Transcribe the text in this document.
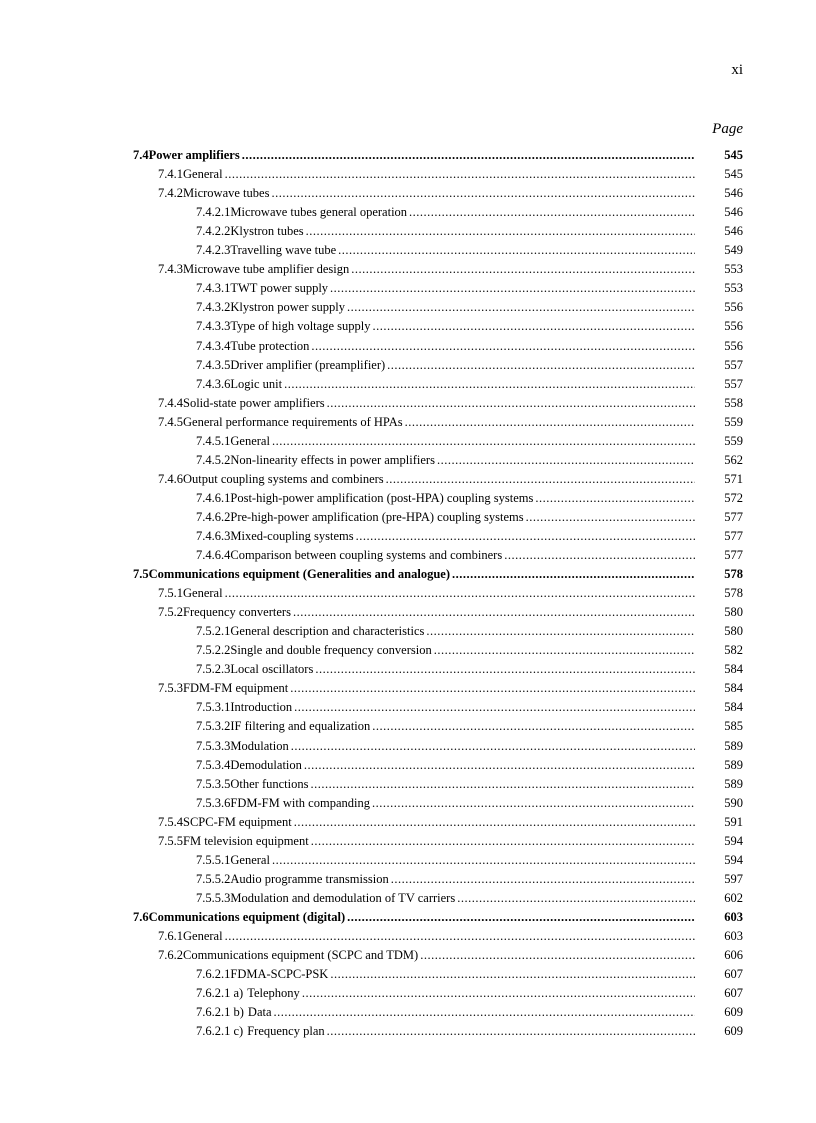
xi
Page
7.4 Power amplifiers .....	545
7.4.1 General .....	545
7.4.2 Microwave tubes .....	546
7.4.2.1 Microwave tubes general operation .....	546
7.4.2.2 Klystron tubes .....	546
7.4.2.3 Travelling wave tube .....	549
7.4.3 Microwave tube amplifier design .....	553
7.4.3.1 TWT power supply .....	553
7.4.3.2 Klystron power supply .....	556
7.4.3.3 Type of high voltage supply .....	556
7.4.3.4 Tube protection .....	556
7.4.3.5 Driver amplifier (preamplifier) .....	557
7.4.3.6 Logic unit .....	557
7.4.4 Solid-state power amplifiers .....	558
7.4.5 General performance requirements of HPAs .....	559
7.4.5.1 General .....	559
7.4.5.2 Non-linearity effects in power amplifiers .....	562
7.4.6 Output coupling systems and combiners .....	571
7.4.6.1 Post-high-power amplification (post-HPA) coupling systems .....	572
7.4.6.2 Pre-high-power amplification (pre-HPA) coupling systems .....	577
7.4.6.3 Mixed-coupling systems .....	577
7.4.6.4 Comparison between coupling systems and combiners .....	577
7.5 Communications equipment (Generalities and analogue) .....	578
7.5.1 General .....	578
7.5.2 Frequency converters .....	580
7.5.2.1 General description and characteristics .....	580
7.5.2.2 Single and double frequency conversion .....	582
7.5.2.3 Local oscillators .....	584
7.5.3 FDM-FM equipment .....	584
7.5.3.1 Introduction .....	584
7.5.3.2 IF filtering and equalization .....	585
7.5.3.3 Modulation .....	589
7.5.3.4 Demodulation .....	589
7.5.3.5 Other functions .....	589
7.5.3.6 FDM-FM with companding .....	590
7.5.4 SCPC-FM equipment .....	591
7.5.5 FM television equipment .....	594
7.5.5.1 General .....	594
7.5.5.2 Audio programme transmission .....	597
7.5.5.3 Modulation and demodulation of TV carriers .....	602
7.6 Communications equipment (digital) .....	603
7.6.1 General .....	603
7.6.2 Communications equipment (SCPC and TDM) .....	606
7.6.2.1 FDMA-SCPC-PSK .....	607
7.6.2.1 a) Telephony .....	607
7.6.2.1 b) Data .....	609
7.6.2.1 c) Frequency plan .....	609
